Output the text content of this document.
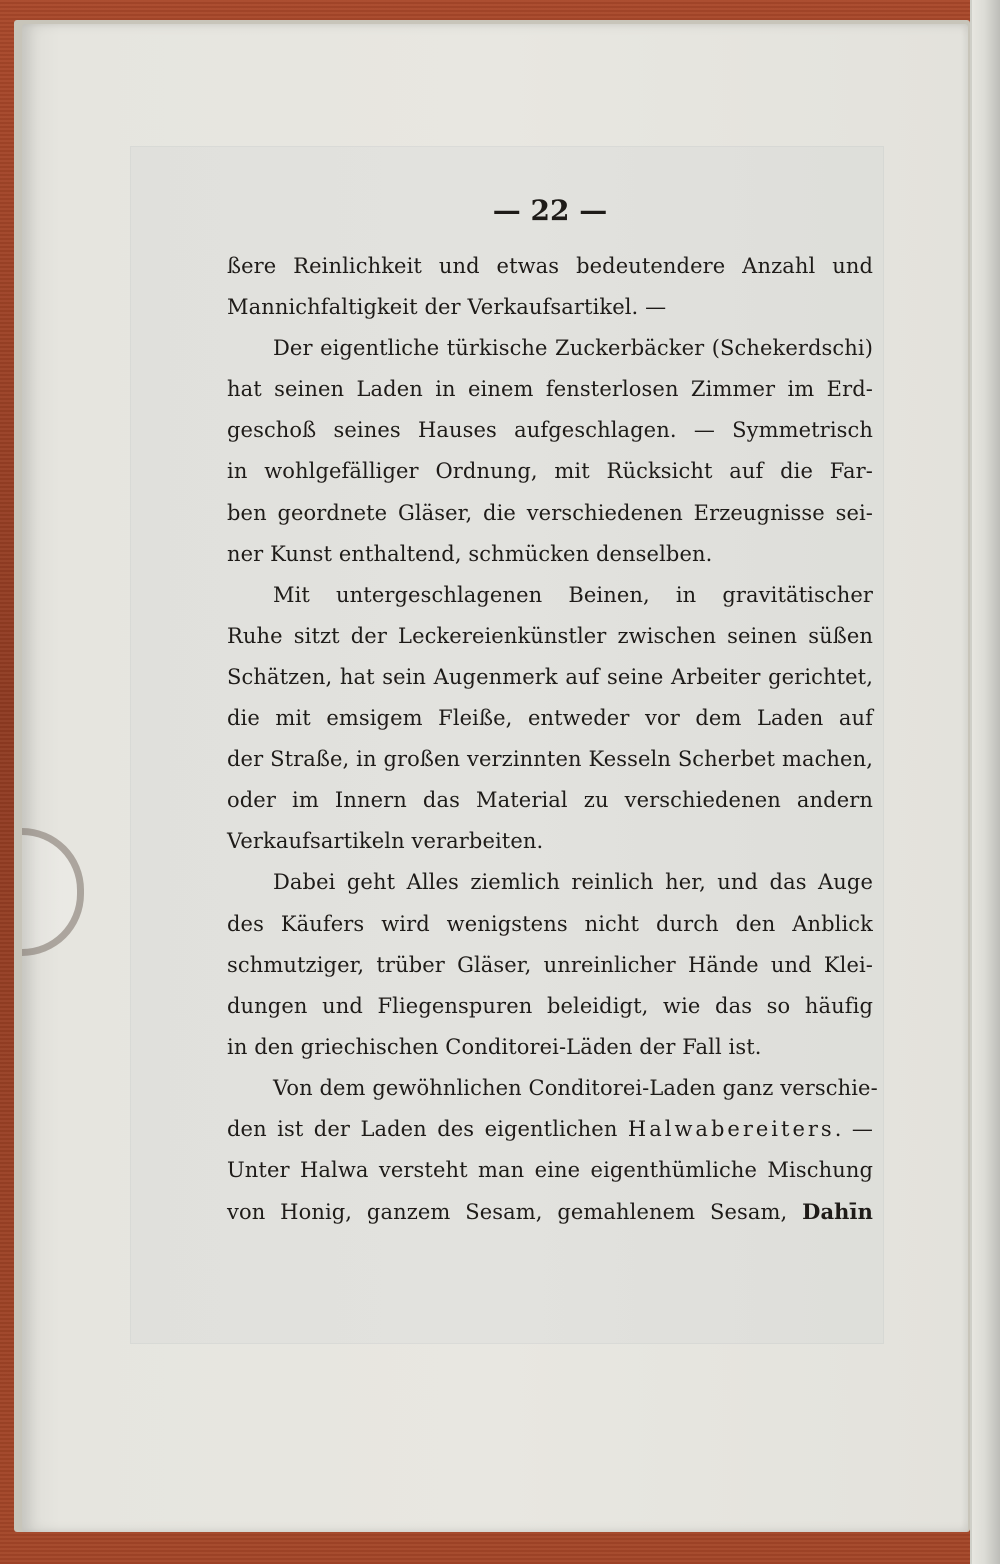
— 22 —
ßere Reinlichkeit und etwas bedeutendere Anzahl und
Mannichfaltigkeit der Verkaufsartikel. —
Der eigentliche türkische Zuckerbäcker (Schekerdschi)
hat seinen Laden in einem fensterlosen Zimmer im Erd-
geschoß seines Hauses aufgeschlagen. — Symmetrisch
in wohlgefälliger Ordnung, mit Rücksicht auf die Far-
ben geordnete Gläser, die verschiedenen Erzeugnisse sei-
ner Kunst enthaltend, schmücken denselben.
Mit untergeschlagenen Beinen, in gravitätischer
Ruhe sitzt der Leckereienkünstler zwischen seinen süßen
Schätzen, hat sein Augenmerk auf seine Arbeiter gerichtet,
die mit emsigem Fleiße, entweder vor dem Laden auf
der Straße, in großen verzinnten Kesseln Scherbet machen,
oder im Innern das Material zu verschiedenen andern
Verkaufsartikeln verarbeiten.
Dabei geht Alles ziemlich reinlich her, und das Auge
des Käufers wird wenigstens nicht durch den Anblick
schmutziger, trüber Gläser, unreinlicher Hände und Klei-
dungen und Fliegenspuren beleidigt, wie das so häufig
in den griechischen Conditorei-Läden der Fall ist.
Von dem gewöhnlichen Conditorei-Laden ganz verschie-
den ist der Laden des eigentlichen Halwabereiters. —
Unter Halwa versteht man eine eigenthümliche Mischung
von Honig, ganzem Sesam, gemahlenem Sesam, Dahīn
